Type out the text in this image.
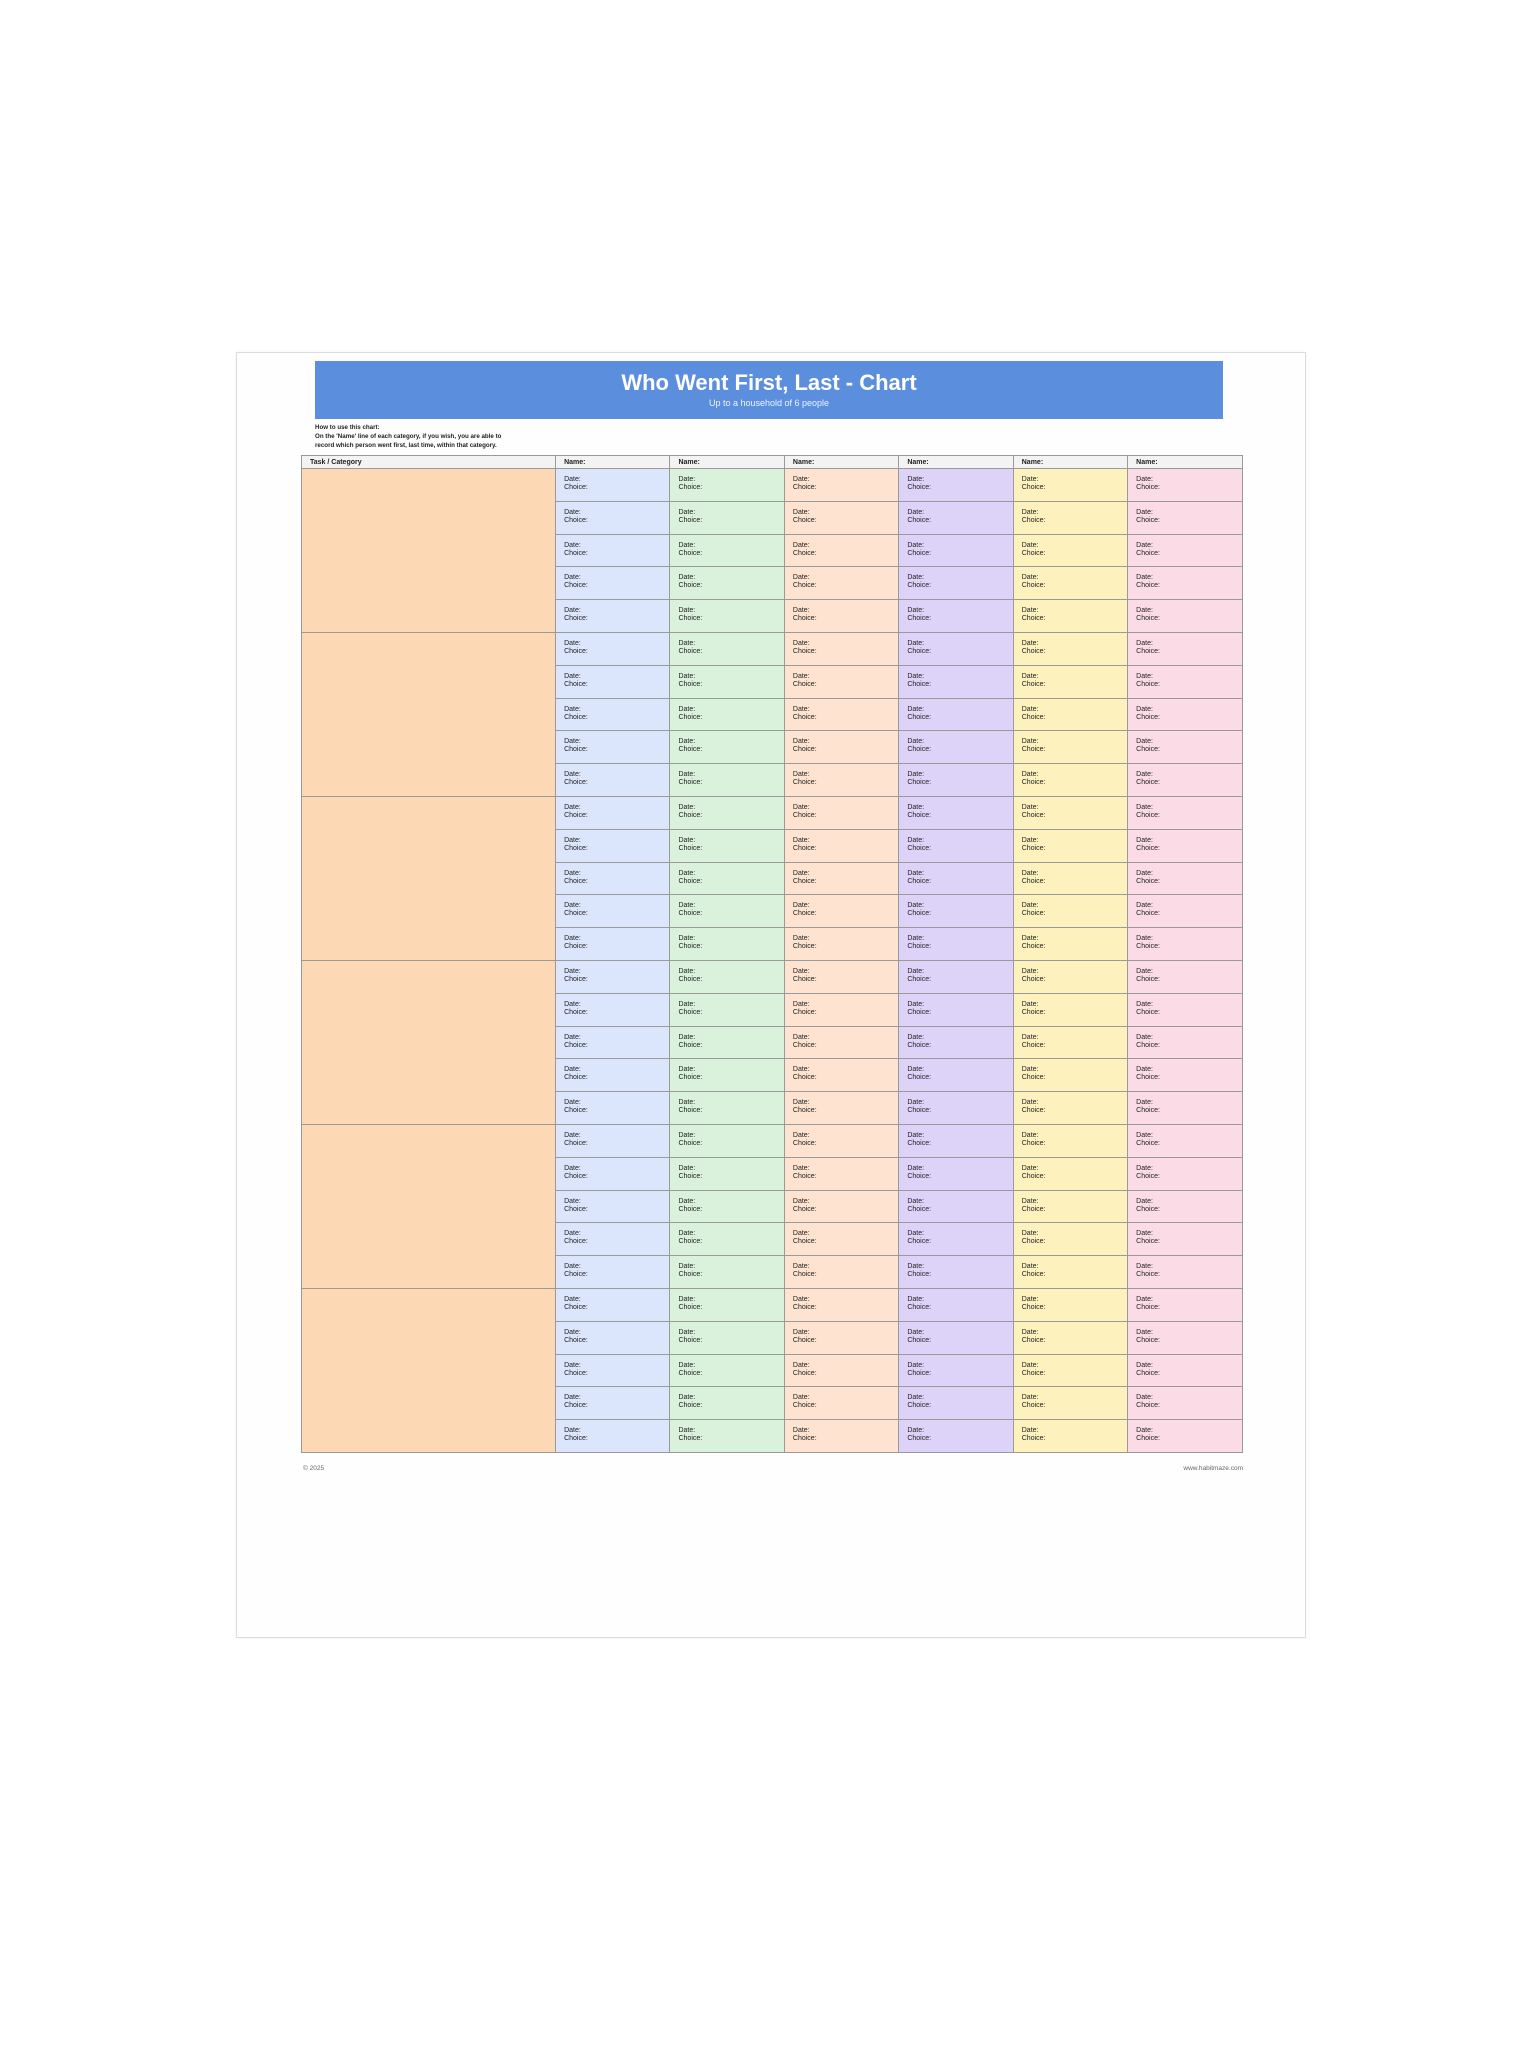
Who Went First, Last - Chart
Up to a household of 6 people
How to use this chart:
On the 'Name' line of each category, if you wish, you are able to
record which person went first, last time, within that category.
Task / Category	Name:	Name:	Name:	Name:	Name:	Name:

	Date:
Choice:	Date:
Choice:	Date:
Choice:	Date:
Choice:	Date:
Choice:	Date:
Choice:

	Date:
Choice:	Date:
Choice:	Date:
Choice:	Date:
Choice:	Date:
Choice:	Date:
Choice:

	Date:
Choice:	Date:
Choice:	Date:
Choice:	Date:
Choice:	Date:
Choice:	Date:
Choice:

	Date:
Choice:	Date:
Choice:	Date:
Choice:	Date:
Choice:	Date:
Choice:	Date:
Choice:

	Date:
Choice:	Date:
Choice:	Date:
Choice:	Date:
Choice:	Date:
Choice:	Date:
Choice:

	Date:
Choice:	Date:
Choice:	Date:
Choice:	Date:
Choice:	Date:
Choice:	Date:
Choice:

	Date:
Choice:	Date:
Choice:	Date:
Choice:	Date:
Choice:	Date:
Choice:	Date:
Choice:

	Date:
Choice:	Date:
Choice:	Date:
Choice:	Date:
Choice:	Date:
Choice:	Date:
Choice:

	Date:
Choice:	Date:
Choice:	Date:
Choice:	Date:
Choice:	Date:
Choice:	Date:
Choice:

	Date:
Choice:	Date:
Choice:	Date:
Choice:	Date:
Choice:	Date:
Choice:	Date:
Choice:

	Date:
Choice:	Date:
Choice:	Date:
Choice:	Date:
Choice:	Date:
Choice:	Date:
Choice:

	Date:
Choice:	Date:
Choice:	Date:
Choice:	Date:
Choice:	Date:
Choice:	Date:
Choice:

	Date:
Choice:	Date:
Choice:	Date:
Choice:	Date:
Choice:	Date:
Choice:	Date:
Choice:

	Date:
Choice:	Date:
Choice:	Date:
Choice:	Date:
Choice:	Date:
Choice:	Date:
Choice:

	Date:
Choice:	Date:
Choice:	Date:
Choice:	Date:
Choice:	Date:
Choice:	Date:
Choice:

	Date:
Choice:	Date:
Choice:	Date:
Choice:	Date:
Choice:	Date:
Choice:	Date:
Choice:

	Date:
Choice:	Date:
Choice:	Date:
Choice:	Date:
Choice:	Date:
Choice:	Date:
Choice:

	Date:
Choice:	Date:
Choice:	Date:
Choice:	Date:
Choice:	Date:
Choice:	Date:
Choice:

	Date:
Choice:	Date:
Choice:	Date:
Choice:	Date:
Choice:	Date:
Choice:	Date:
Choice:

	Date:
Choice:	Date:
Choice:	Date:
Choice:	Date:
Choice:	Date:
Choice:	Date:
Choice:

	Date:
Choice:	Date:
Choice:	Date:
Choice:	Date:
Choice:	Date:
Choice:	Date:
Choice:

	Date:
Choice:	Date:
Choice:	Date:
Choice:	Date:
Choice:	Date:
Choice:	Date:
Choice:

	Date:
Choice:	Date:
Choice:	Date:
Choice:	Date:
Choice:	Date:
Choice:	Date:
Choice:

	Date:
Choice:	Date:
Choice:	Date:
Choice:	Date:
Choice:	Date:
Choice:	Date:
Choice:

	Date:
Choice:	Date:
Choice:	Date:
Choice:	Date:
Choice:	Date:
Choice:	Date:
Choice:

	Date:
Choice:	Date:
Choice:	Date:
Choice:	Date:
Choice:	Date:
Choice:	Date:
Choice:

	Date:
Choice:	Date:
Choice:	Date:
Choice:	Date:
Choice:	Date:
Choice:	Date:
Choice:

	Date:
Choice:	Date:
Choice:	Date:
Choice:	Date:
Choice:	Date:
Choice:	Date:
Choice:

	Date:
Choice:	Date:
Choice:	Date:
Choice:	Date:
Choice:	Date:
Choice:	Date:
Choice:

	Date:
Choice:	Date:
Choice:	Date:
Choice:	Date:
Choice:	Date:
Choice:	Date:
Choice:
© 2025	www.habitmaze.com
